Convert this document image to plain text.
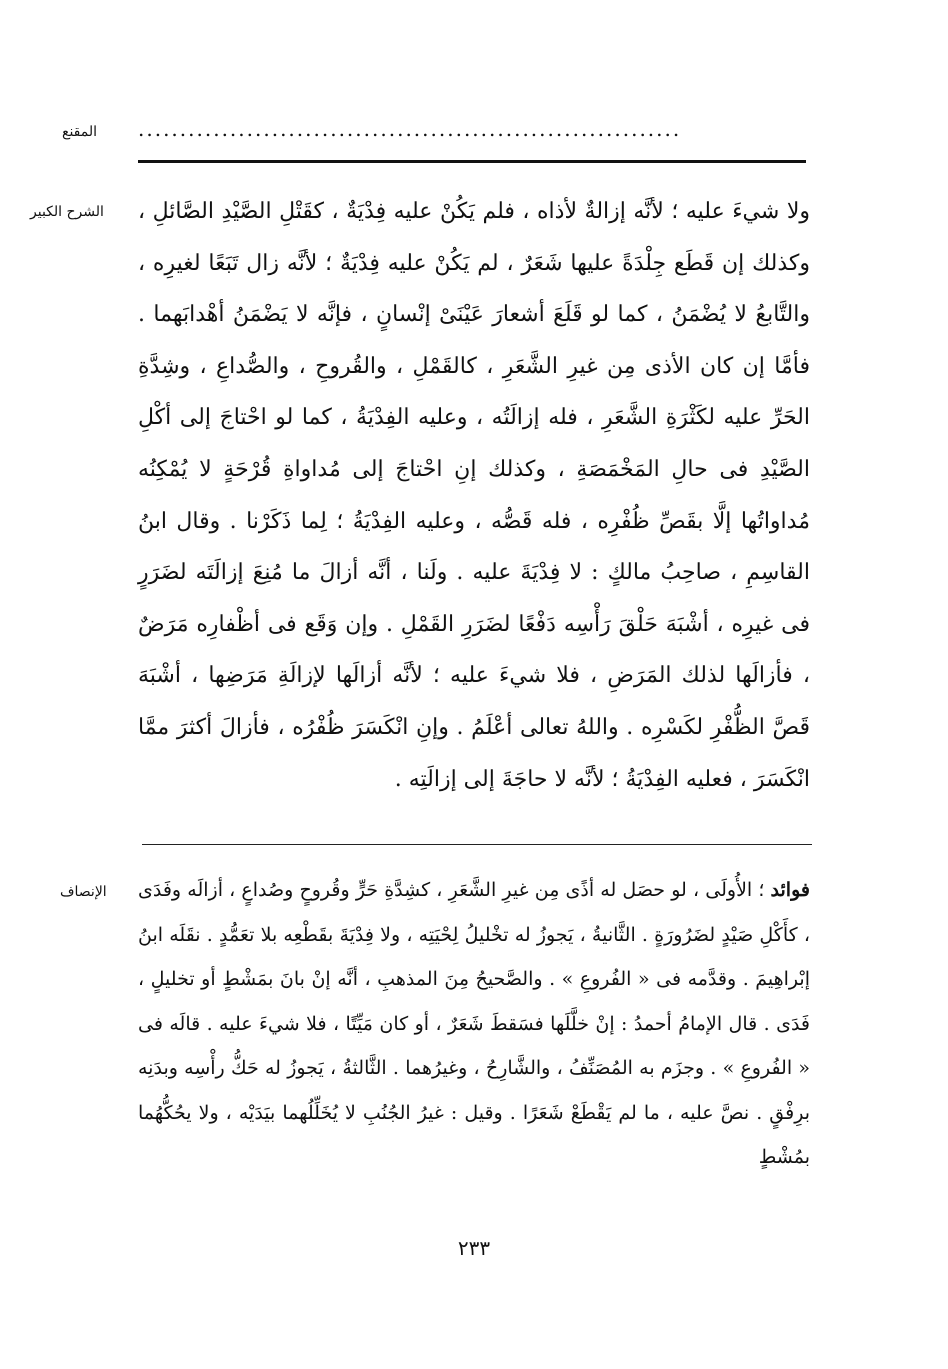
المقنع .................................................................
الشرح الكبير ولا شيءَ عليه ؛ لأنَّه إزالةٌ لأذاه ، فلم يَكُنْ عليه فِدْيَةٌ ، كقَتْلِ الصَّيْدِ الصَّائلِ ، وكذلك إن قَطَع جِلْدَةً عليها شَعَرٌ ، لم يَكُنْ عليه فِدْيَةٌ ؛ لأنَّه زال تَبَعًا لغيرِه ، والتَّابعُ لا يُضْمَنُ ، كما لو قَلَعَ أشعارَ عَيْنَىْ إنْسانٍ ، فإنَّه لا يَضْمَنُ أهْدابَهما . فأمَّا إن كان الأذى مِن غيرِ الشَّعَرِ ، كالقَمْلِ ، والقُروحِ ، والصُّداعِ ، وشِدَّةِ الحَرِّ عليه لكَثْرَةِ الشَّعَرِ ، فله إزالَتُه ، وعليه الفِدْيَةُ ، كما لو احْتاجَ إلى أكْلِ الصَّيْدِ فى حالِ المَخْمَصَةِ ، وكذلك إنِ احْتاجَ إلى مُداواةِ قُرْحَةٍ لا يُمْكِنُه مُداواتُها إلَّا بقَصِّ ظُفْرِه ، فله قَصُّه ، وعليه الفِدْيَةُ ؛ لِما ذَكَرْنا . وقال ابنُ القاسِمِ ، صاحِبُ مالكٍ : لا فِدْيَةَ عليه . ولَنا ، أنَّه أزالَ ما مُنِعَ إزالَتَه لضَرَرٍ فى غيرِه ، أشْبَهَ حَلْقَ رَأْسِه دَفْعًا لضَرَرِ القَمْلِ . وإن وَقَع فى أظْفارِه مَرَضٌ ، فأزالَها لذلك المَرَضِ ، فلا شيءَ عليه ؛ لأنَّه أزالَها لإزالَةِ مَرَضِها ، أشْبَهَ قَصَّ الظُّفْرِ لكَسْرِه . واللهُ تعالى أعْلَمُ . وإنِ انْكَسَرَ ظُفْرُه ، فأزالَ أكثرَ ممَّا انْكَسَرَ ، فعليه الفِدْيَةُ ؛ لأنَّه لا حاجَةَ إلى إزالَتِه .

الإنصاف	فوائد ؛ الأُولَى ، لو حصَل له أذًى مِن غيرِ الشَّعَرِ ، كشِدَّةِ حَرٍّ وقُروحٍ وصُداعٍ ، أزالَه وفَدَى ، كأَكْلِ صَيْدٍ لضَرُورَةٍ . الثَّانيةُ ، يَجوزُ له تخْليلُ لِحْيَتِه ، ولا فِدْيَةَ بقَطْعِه بلا تعَمُّدٍ . نقَلَه ابنُ إبْراهِيمَ . وقدَّمه فى « الفُروعِ » . والصَّحيحُ مِنَ المذهبِ ، أنَّه إنْ بانَ بمَشْطٍ أو تخليلٍ ، فَدَى . قال الإمامُ أحمدُ : إنْ خلَّلَها فسَقطَ شَعَرٌ ، أو كان مَيِّتًا ، فلا شيءَ عليه . قالَه فى « الفُروعِ » . وجزَم به المُصَنِّفُ ، والشَّارِحُ ، وغيرُهما . الثَّالثةُ ، يَجوزُ له حَكُّ رأْسِه وبدَنِه برِفْقٍ . نصَّ عليه ، ما لم يَقْطَعْ شَعَرًا . وقيل : غيرُ الجُنُبِ لا يُخَلِّلُهما بيَدَيْه ، ولا يحُكُّهُما بمُشْطٍ

٢٣٣
